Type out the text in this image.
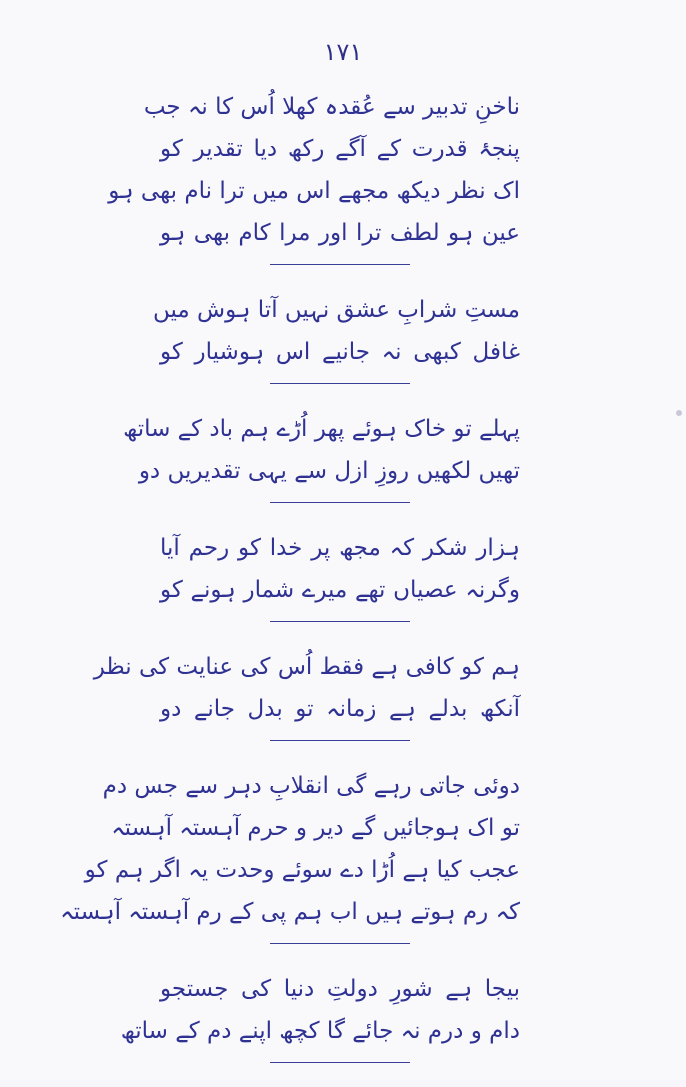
١٧١
ناخنِ تدبیر سے عُقدہ کھلا اُس کا نہ جب
پنجۂ قدرت کے آگے رکھ دیا تقدیر کو
اک نظر دیکھ مجھے اس میں ترا نام بھی ہو
عین ہو لطف ترا اور مرا کام بھی ہو
مستِ شرابِ عشق نہیں آتا ہوش میں
غافل کبھی نہ جانیے اس ہوشیار کو
پہلے تو خاک ہوئے پھر اُڑے ہم باد کے ساتھ
تھیں لکھیں روزِ ازل سے یہی تقدیریں دو
ہزار شکر کہ مجھ پر خدا کو رحم آیا
وگرنہ عصیاں تھے میرے شمار ہونے کو
ہم کو کافی ہے فقط اُس کی عنایت کی نظر
آنکھ بدلے ہے زمانہ تو بدل جانے دو
دوئی جاتی رہے گی انقلابِ دہر سے جس دم
تو اک ہوجائیں گے دیر و حرم آہستہ آہستہ
عجب کیا ہے اُڑا دے سوئے وحدت یہ اگر ہم کو
کہ رم ہوتے ہیں اب ہم پی کے رم آہستہ آہستہ
بیجا ہے شورِ دولتِ دنیا کی جستجو
دام و درم نہ جائے گا کچھ اپنے دم کے ساتھ
